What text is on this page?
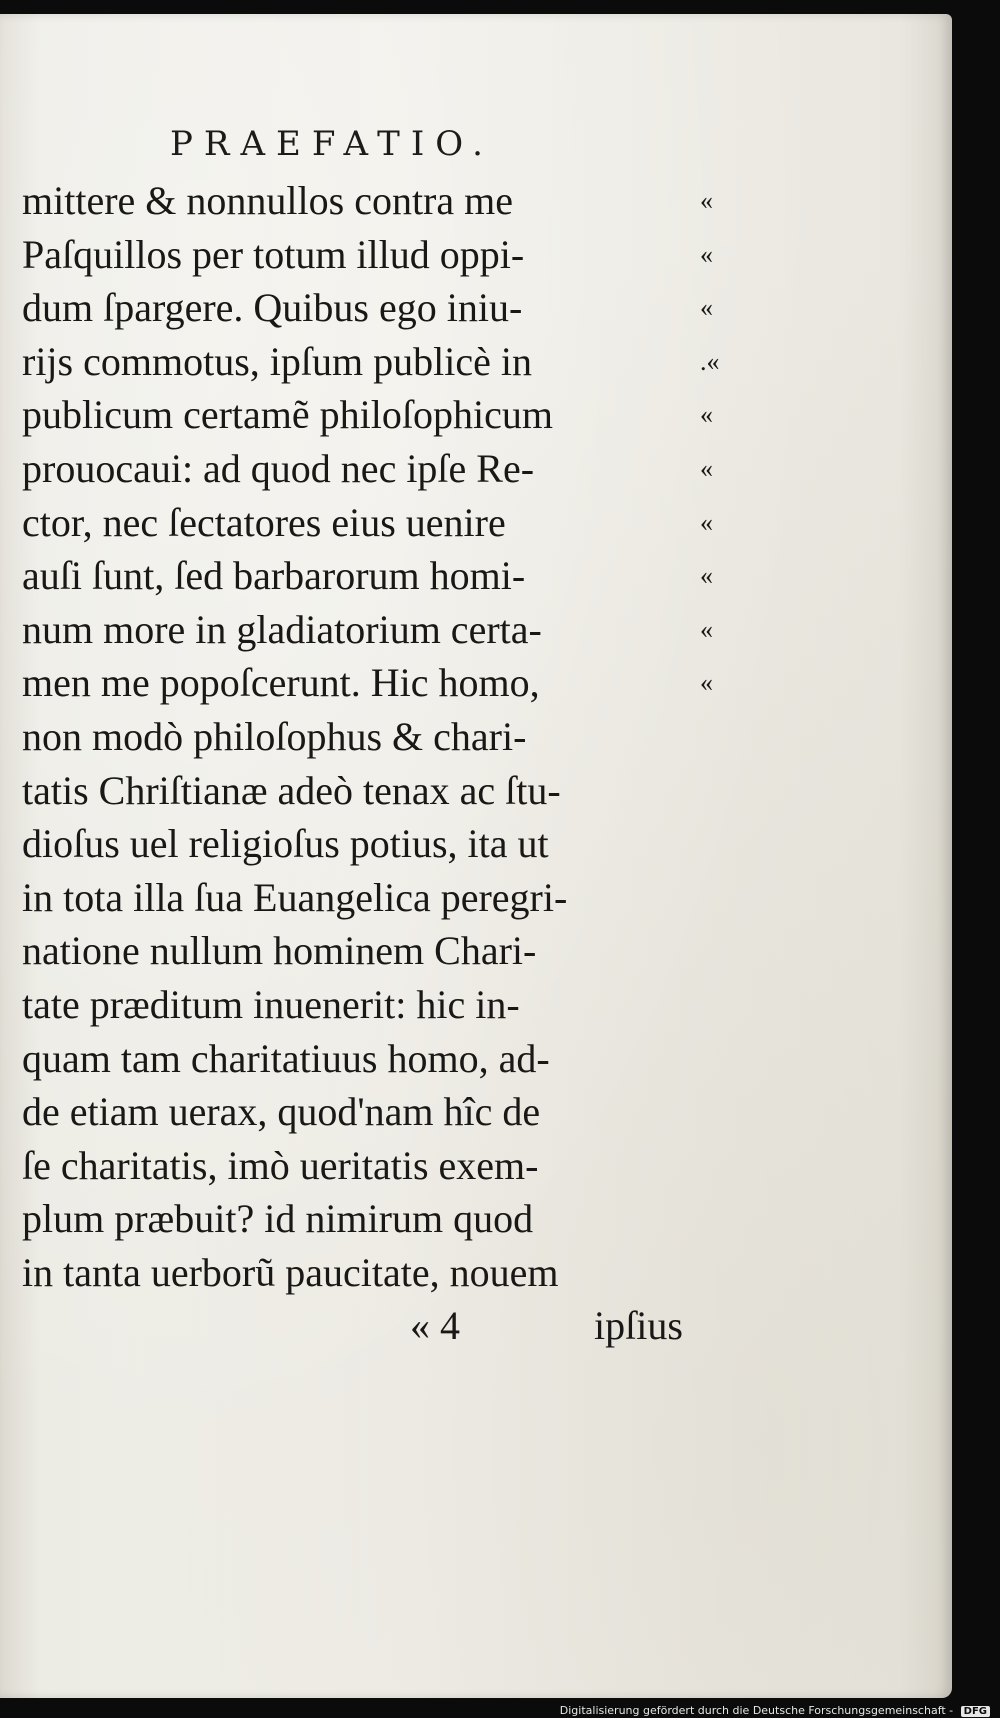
PRAEFATIO.
mittere & nonnullos contra me
Paſquillos per totum illud oppi-
dum ſpargere. Quibus ego iniu-
rijs commotus, ipſum publicè in
publicum certamẽ philoſophicum
prouocaui: ad quod nec ipſe Re-
ctor, nec ſectatores eius uenire
auſi ſunt, ſed barbarorum homi-
num more in gladiatorium certa-
men me popoſcerunt. Hic homo,
non modò philoſophus & chari-
tatis Chriſtianæ adeò tenax ac ſtu-
dioſus uel religioſus potius, ita ut
in tota illa ſua Euangelica peregri-
natione nullum hominem Chari-
tate præditum inuenerit: hic in-
quam tam charitatiuus homo, ad-
de etiam uerax, quod'nam hîc de
ſe charitatis, imò ueritatis exem-
plum præbuit? id nimirum quod
in tanta uerborũ paucitate, nouem
«
«
«
.«
«
«
«
«
«
«
« 4	ipſius
Digitalisierung gefördert durch die Deutsche Forschungsgemeinschaft - DFG
